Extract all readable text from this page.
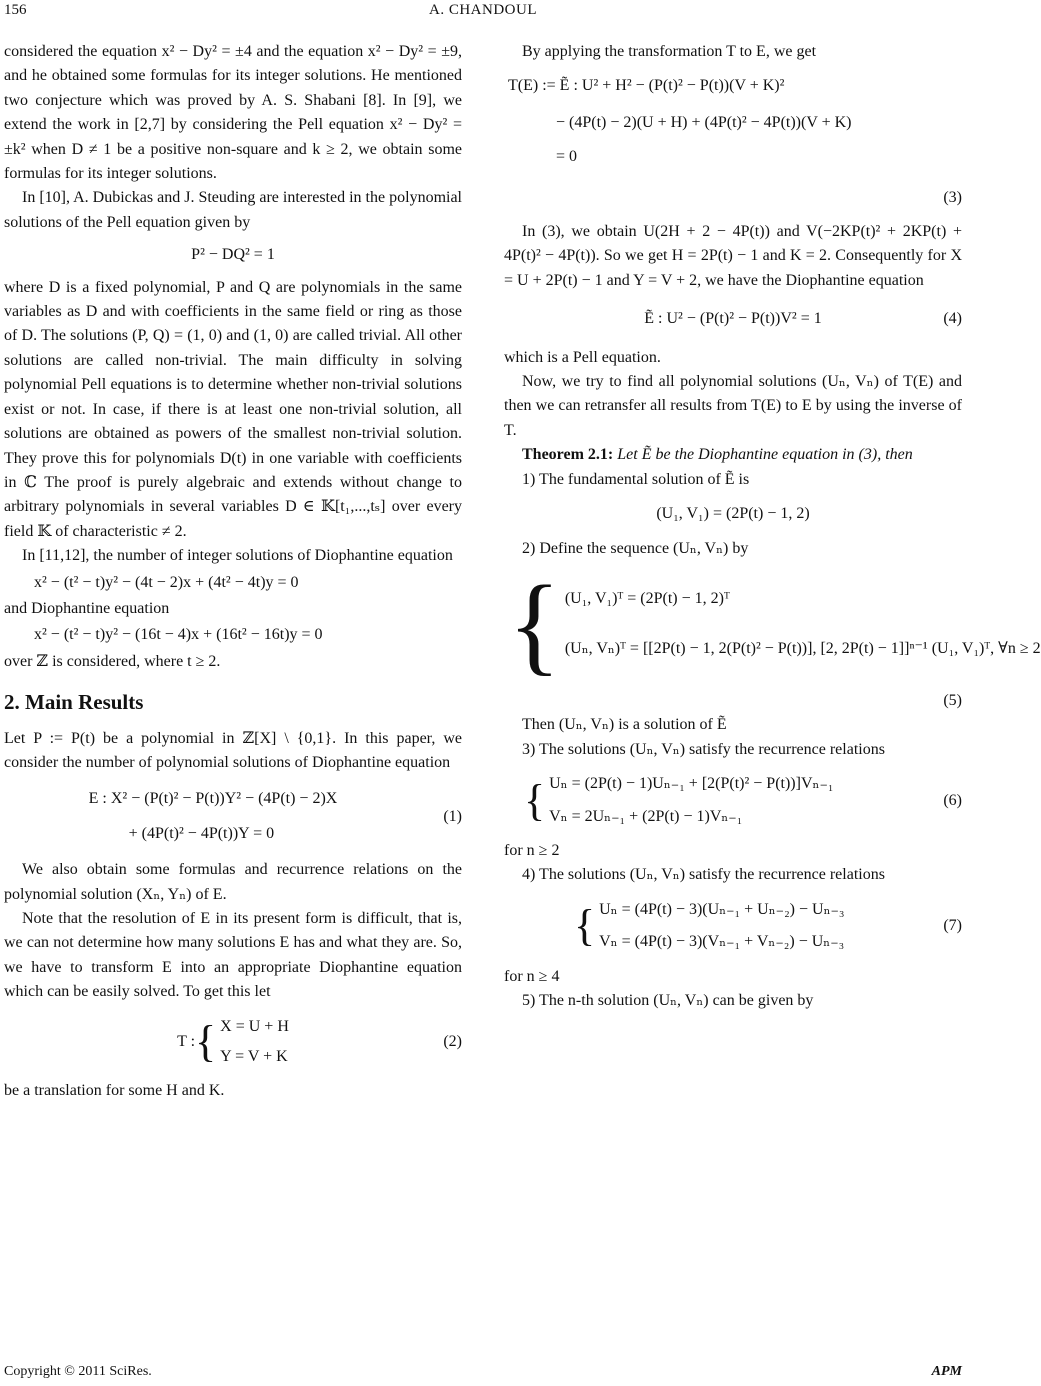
156	A. CHANDOUL

considered the equation x² − Dy² = ±4 and the equation x² − Dy² = ±9, and he obtained some formulas for its integer solutions. He mentioned two conjecture which was proved by A. S. Shabani [8]. In [9], we extend the work in [2,7] by considering the Pell equation x² − Dy² = ±k² when D ≠ 1 be a positive non-square and k ≥ 2, we obtain some formulas for its integer solutions.

In [10], A. Dubickas and J. Steuding are interested in the polynomial solutions of the Pell equation given by

P² − DQ² = 1

where D is a fixed polynomial, P and Q are polynomials in the same variables as D and with coefficients in the same field or ring as those of D. The solutions (P, Q) = (1, 0) and (1, 0) are called trivial. All other solutions are called non-trivial. The main difficulty in solving polynomial Pell equations is to determine whether non-trivial solutions exist or not. In case, if there is at least one non-trivial solution, all solutions are obtained as powers of the smallest non-trivial solution. They prove this for polynomials D(t) in one variable with coefficients in ℂ The proof is purely algebraic and extends without change to arbitrary polynomials in several variables D ∈ 𝕂[t₁,...,tₛ] over every field 𝕂 of characteristic ≠ 2.

In [11,12], the number of integer solutions of Diophantine equation

x² − (t² − t)y² − (4t − 2)x + (4t² − 4t)y = 0

and Diophantine equation

x² − (t² − t)y² − (16t − 4)x + (16t² − 16t)y = 0

over ℤ is considered, where t ≥ 2.

2. Main Results

Let P := P(t) be a polynomial in ℤ[X] \ {0,1}. In this paper, we consider the number of polynomial solutions of Diophantine equation

E : X² − (P(t)² − P(t))Y² − (4P(t) − 2)X
+ (4P(t)² − 4P(t))Y = 0
(1)

We also obtain some formulas and recurrence relations on the polynomial solution (Xₙ, Yₙ) of E.

Note that the resolution of E in its present form is difficult, that is, we can not determine how many solutions E has and what they are. So, we have to transform E into an appropriate Diophantine equation which can be easily solved. To get this let

T : { X = U + H
Y = V + K
(2)

be a translation for some H and K.

By applying the transformation T to E, we get

T(E) := Ẽ : U² + H² − (P(t)² − P(t))(V + K)²
− (4P(t) − 2)(U + H) + (4P(t)² − 4P(t))(V + K)
= 0
(3)

In (3), we obtain U(2H + 2 − 4P(t)) and V(−2KP(t)² + 2KP(t) + 4P(t)² − 4P(t)). So we get H = 2P(t) − 1 and K = 2. Consequently for X = U + 2P(t) − 1 and Y = V + 2, we have the Diophantine equation

Ẽ : U² − (P(t)² − P(t))V² = 1	(4)

which is a Pell equation.

Now, we try to find all polynomial solutions (Uₙ, Vₙ) of T(E) and then we can retransfer all results from T(E) to E by using the inverse of T.

Theorem 2.1: Let Ẽ be the Diophantine equation in (3), then

1) The fundamental solution of Ẽ is

(U₁, V₁) = (2P(t) − 1, 2)

2) Define the sequence (Uₙ, Vₙ) by

{ (U₁, V₁)ᵀ = (2P(t) − 1, 2)ᵀ
(Uₙ, Vₙ)ᵀ = [[2P(t) − 1, 2(P(t)² − P(t))], [2, 2P(t) − 1]]ⁿ⁻¹ (U₁, V₁)ᵀ, ∀n ≥ 2
(5)

Then (Uₙ, Vₙ) is a solution of Ẽ

3) The solutions (Uₙ, Vₙ) satisfy the recurrence relations

{ Uₙ = (2P(t) − 1)Uₙ₋₁ + [2(P(t)² − P(t))]Vₙ₋₁
Vₙ = 2Uₙ₋₁ + (2P(t) − 1)Vₙ₋₁
(6)

for n ≥ 2

4) The solutions (Uₙ, Vₙ) satisfy the recurrence relations

{ Uₙ = (4P(t) − 3)(Uₙ₋₁ + Uₙ₋₂) − Uₙ₋₃
Vₙ = (4P(t) − 3)(Vₙ₋₁ + Vₙ₋₂) − Uₙ₋₃
(7)

for n ≥ 4

5) The n-th solution (Uₙ, Vₙ) can be given by

Copyright © 2011 SciRes.	APM
